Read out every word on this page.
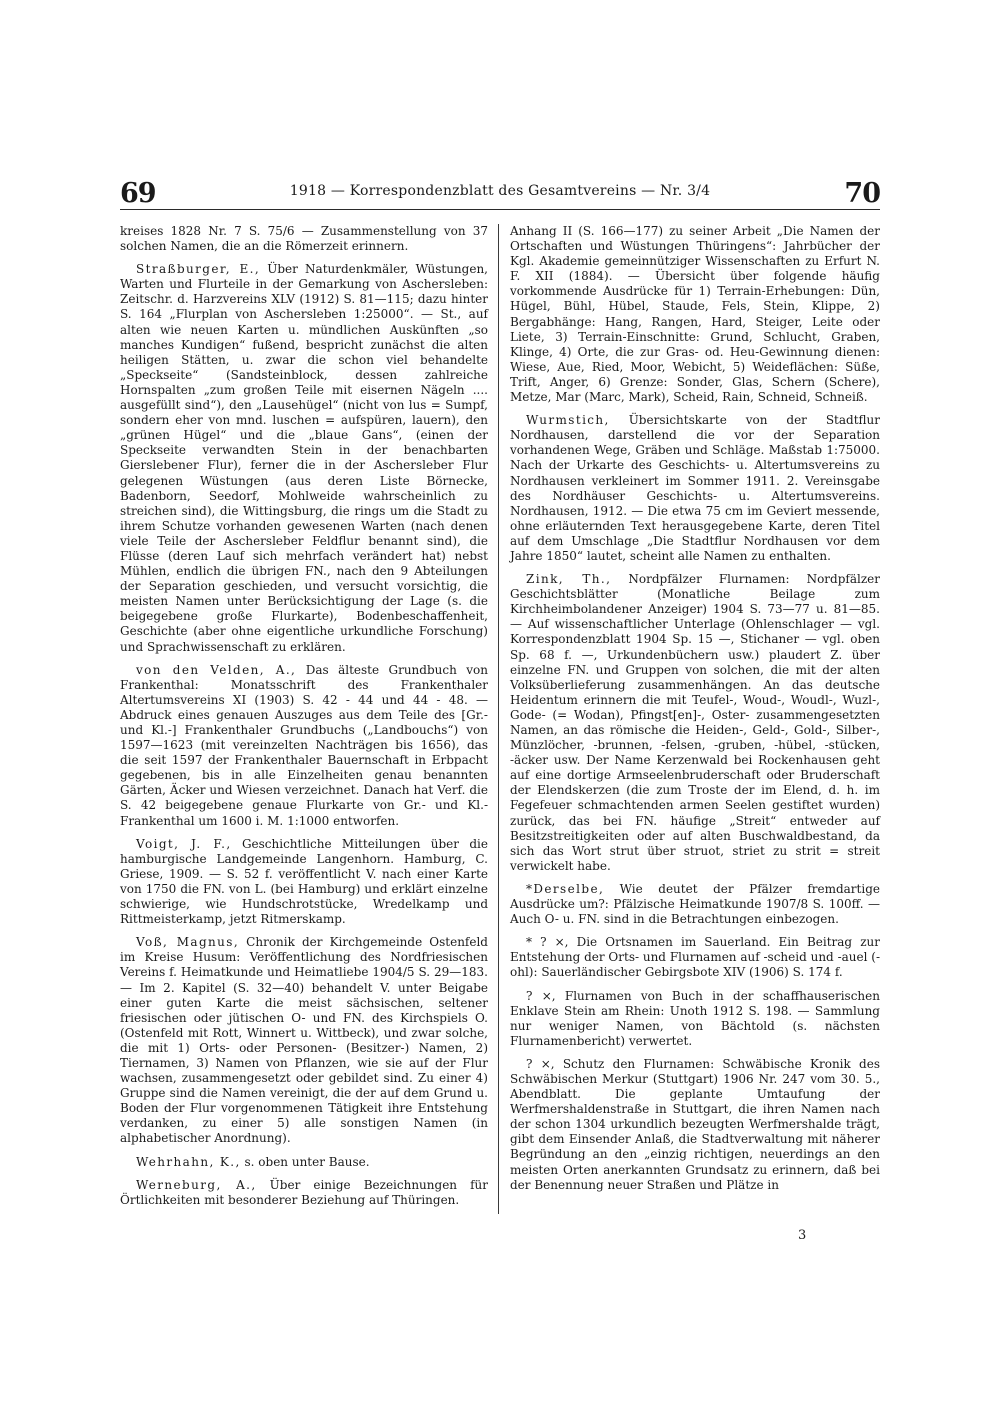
69	1918 — Korrespondenzblatt des Gesamtvereins — Nr. 3/4	70

kreises 1828 Nr. 7 S. 75/6 — Zusammenstellung von 37 solchen Namen, die an die Römerzeit erinnern.

Straßburger, E., Über Naturdenkmäler, Wüstungen, Warten und Flurteile in der Gemarkung von Aschersleben: Zeitschr. d. Harzvereins XLV (1912) S. 81—115; dazu hinter S. 164 „Flurplan von Aschersleben 1:25000“. — St., auf alten wie neuen Karten u. mündlichen Auskünften „so manches Kundigen“ fußend, bespricht zunächst die alten heiligen Stätten, u. zwar die schon viel behandelte „Speckseite“ (Sandsteinblock, dessen zahlreiche Hornspalten „zum großen Teile mit eisernen Nägeln .... ausgefüllt sind“), den „Lausehügel“ (nicht von lus = Sumpf, sondern eher von mnd. luschen = aufspüren, lauern), den „grünen Hügel“ und die „blaue Gans“, (einen der Speckseite verwandten Stein in der benachbarten Gierslebener Flur), ferner die in der Aschersleber Flur gelegenen Wüstungen (aus deren Liste Börnecke, Badenborn, Seedorf, Mohlweide wahrscheinlich zu streichen sind), die Wittingsburg, die rings um die Stadt zu ihrem Schutze vorhanden gewesenen Warten (nach denen viele Teile der Aschersleber Feldflur benannt sind), die Flüsse (deren Lauf sich mehrfach verändert hat) nebst Mühlen, endlich die übrigen FN., nach den 9 Abteilungen der Separation geschieden, und versucht vorsichtig, die meisten Namen unter Berücksichtigung der Lage (s. die beigegebene große Flurkarte), Bodenbeschaffenheit, Geschichte (aber ohne eigentliche urkundliche Forschung) und Sprachwissenschaft zu erklären.

von den Velden, A., Das älteste Grundbuch von Frankenthal: Monatsschrift des Frankenthaler Altertumsvereins XI (1903) S. 42 - 44 und 44 - 48. — Abdruck eines genauen Auszuges aus dem Teile des [Gr.- und Kl.-] Frankenthaler Grundbuchs („Landbouchs“) von 1597—1623 (mit vereinzelten Nachträgen bis 1656), das die seit 1597 der Frankenthaler Bauernschaft in Erbpacht gegebenen, bis in alle Einzelheiten genau benannten Gärten, Äcker und Wiesen verzeichnet. Danach hat Verf. die S. 42 beigegebene genaue Flurkarte von Gr.- und Kl.- Frankenthal um 1600 i. M. 1:1000 entworfen.

Voigt, J. F., Geschichtliche Mitteilungen über die hamburgische Landgemeinde Langenhorn. Hamburg, C. Griese, 1909. — S. 52 f. veröffentlicht V. nach einer Karte von 1750 die FN. von L. (bei Hamburg) und erklärt einzelne schwierige, wie Hundschrotstücke, Wredelkamp und Rittmeisterkamp, jetzt Ritmerskamp.

Voß, Magnus, Chronik der Kirchgemeinde Ostenfeld im Kreise Husum: Veröffentlichung des Nordfriesischen Vereins f. Heimatkunde und Heimatliebe 1904/5 S. 29—183. — Im 2. Kapitel (S. 32—40) behandelt V. unter Beigabe einer guten Karte die meist sächsischen, seltener friesischen oder jütischen O- und FN. des Kirchspiels O. (Ostenfeld mit Rott, Winnert u. Wittbeck), und zwar solche, die mit 1) Orts- oder Personen- (Besitzer-) Namen, 2) Tiernamen, 3) Namen von Pflanzen, wie sie auf der Flur wachsen, zusammengesetzt oder gebildet sind. Zu einer 4) Gruppe sind die Namen vereinigt, die der auf dem Grund u. Boden der Flur vorgenommenen Tätigkeit ihre Entstehung verdanken, zu einer 5) alle sonstigen Namen (in alphabetischer Anordnung).

Wehrhahn, K., s. oben unter Bause.

Werneburg, A., Über einige Bezeichnungen für Örtlichkeiten mit besonderer Beziehung auf Thüringen.

Anhang II (S. 166—177) zu seiner Arbeit „Die Namen der Ortschaften und Wüstungen Thüringens“: Jahrbücher der Kgl. Akademie gemeinnütziger Wissenschaften zu Erfurt N. F. XII (1884). — Übersicht über folgende häufig vorkommende Ausdrücke für 1) Terrain-Erhebungen: Dün, Hügel, Bühl, Hübel, Staude, Fels, Stein, Klippe, 2) Bergabhänge: Hang, Rangen, Hard, Steiger, Leite oder Liete, 3) Terrain-Einschnitte: Grund, Schlucht, Graben, Klinge, 4) Orte, die zur Gras- od. Heu-Gewinnung dienen: Wiese, Aue, Ried, Moor, Webicht, 5) Weideflächen: Süße, Trift, Anger, 6) Grenze: Sonder, Glas, Schern (Schere), Metze, Mar (Marc, Mark), Scheid, Rain, Schneid, Schneiß.

Wurmstich, Übersichtskarte von der Stadtflur Nordhausen, darstellend die vor der Separation vorhandenen Wege, Gräben und Schläge. Maßstab 1:75000. Nach der Urkarte des Geschichts- u. Altertumsvereins zu Nordhausen verkleinert im Sommer 1911. 2. Vereinsgabe des Nordhäuser Geschichts- u. Altertumsvereins. Nordhausen, 1912. — Die etwa 75 cm im Geviert messende, ohne erläuternden Text herausgegebene Karte, deren Titel auf dem Umschlage „Die Stadtflur Nordhausen vor dem Jahre 1850“ lautet, scheint alle Namen zu enthalten.

Zink, Th., Nordpfälzer Flurnamen: Nordpfälzer Geschichtsblätter (Monatliche Beilage zum Kirchheimbolandener Anzeiger) 1904 S. 73—77 u. 81—85. — Auf wissenschaftlicher Unterlage (Ohlenschlager — vgl. Korrespondenzblatt 1904 Sp. 15 —, Stichaner — vgl. oben Sp. 68 f. —, Urkundenbüchern usw.) plaudert Z. über einzelne FN. und Gruppen von solchen, die mit der alten Volksüberlieferung zusammenhängen. An das deutsche Heidentum erinnern die mit Teufel-, Woud-, Woudl-, Wuzl-, Gode- (= Wodan), Pfingst[en]-, Oster- zusammengesetzten Namen, an das römische die Heiden-, Geld-, Gold-, Silber-, Münzlöcher, -brunnen, -felsen, -gruben, -hübel, -stücken, -äcker usw. Der Name Kerzenwald bei Rockenhausen geht auf eine dortige Armseelenbruderschaft oder Bruderschaft der Elendskerzen (die zum Troste der im Elend, d. h. im Fegefeuer schmachtenden armen Seelen gestiftet wurden) zurück, das bei FN. häufige „Streit“ entweder auf Besitzstreitigkeiten oder auf alten Buschwaldbestand, da sich das Wort strut über struot, striet zu strit = streit verwickelt habe.

*Derselbe, Wie deutet der Pfälzer fremdartige Ausdrücke um?: Pfälzische Heimatkunde 1907/8 S. 100ff. — Auch O- u. FN. sind in die Betrachtungen einbezogen.

* ? ×, Die Ortsnamen im Sauerland. Ein Beitrag zur Entstehung der Orts- und Flurnamen auf -scheid und -auel (-ohl): Sauerländischer Gebirgsbote XIV (1906) S. 174 f.

? ×, Flurnamen von Buch in der schaffhauserischen Enklave Stein am Rhein: Unoth 1912 S. 198. — Sammlung nur weniger Namen, von Bächtold (s. nächsten Flurnamenbericht) verwertet.

? ×, Schutz den Flurnamen: Schwäbische Kronik des Schwäbischen Merkur (Stuttgart) 1906 Nr. 247 vom 30. 5., Abendblatt. Die geplante Umtaufung der Werfmershaldenstraße in Stuttgart, die ihren Namen nach der schon 1304 urkundlich bezeugten Werfmershalde trägt, gibt dem Einsender Anlaß, die Stadtverwaltung mit näherer Begründung an den „einzig richtigen, neuerdings an den meisten Orten anerkannten Grundsatz zu erinnern, daß bei der Benennung neuer Straßen und Plätze in

3
